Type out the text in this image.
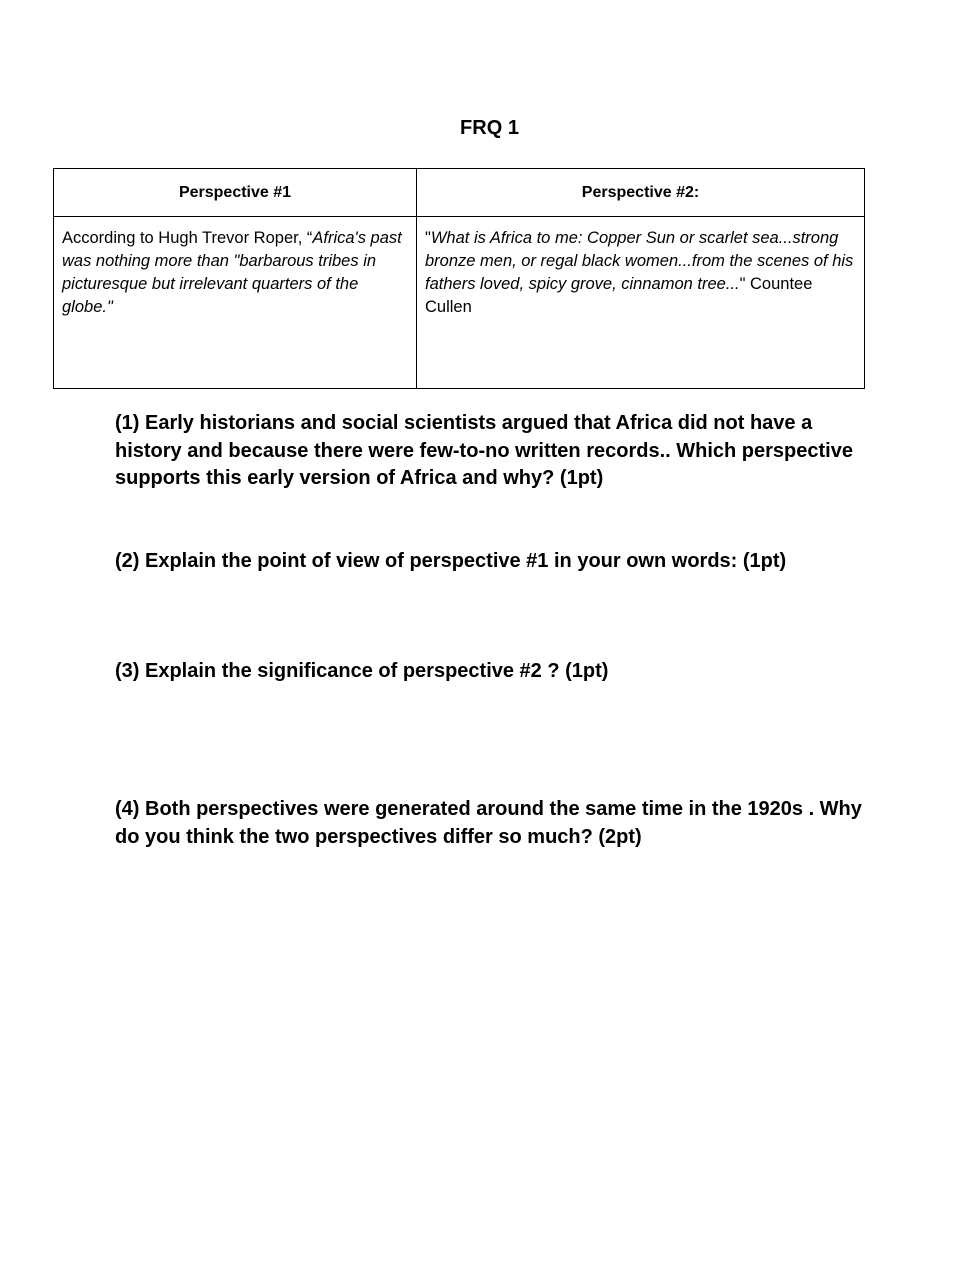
FRQ 1
Perspective #1	Perspective #2:
According to Hugh Trevor Roper, “Africa's past was nothing more than "barbarous tribes in picturesque but irrelevant quarters of the globe."	"What is Africa to me: Copper Sun or scarlet sea...strong bronze men, or regal black women...from the scenes of his fathers loved, spicy grove, cinnamon tree..." Countee Cullen

(1) Early historians and social scientists argued that Africa did not have a history and because there were few-to-no written records.. Which perspective supports this early version of Africa and why? (1pt)

(2) Explain the point of view of perspective #1 in your own words: (1pt)

(3) Explain the significance of perspective #2 ? (1pt)

(4) Both perspectives were generated around the same time in the 1920s . Why do you think the two perspectives differ so much? (2pt)
